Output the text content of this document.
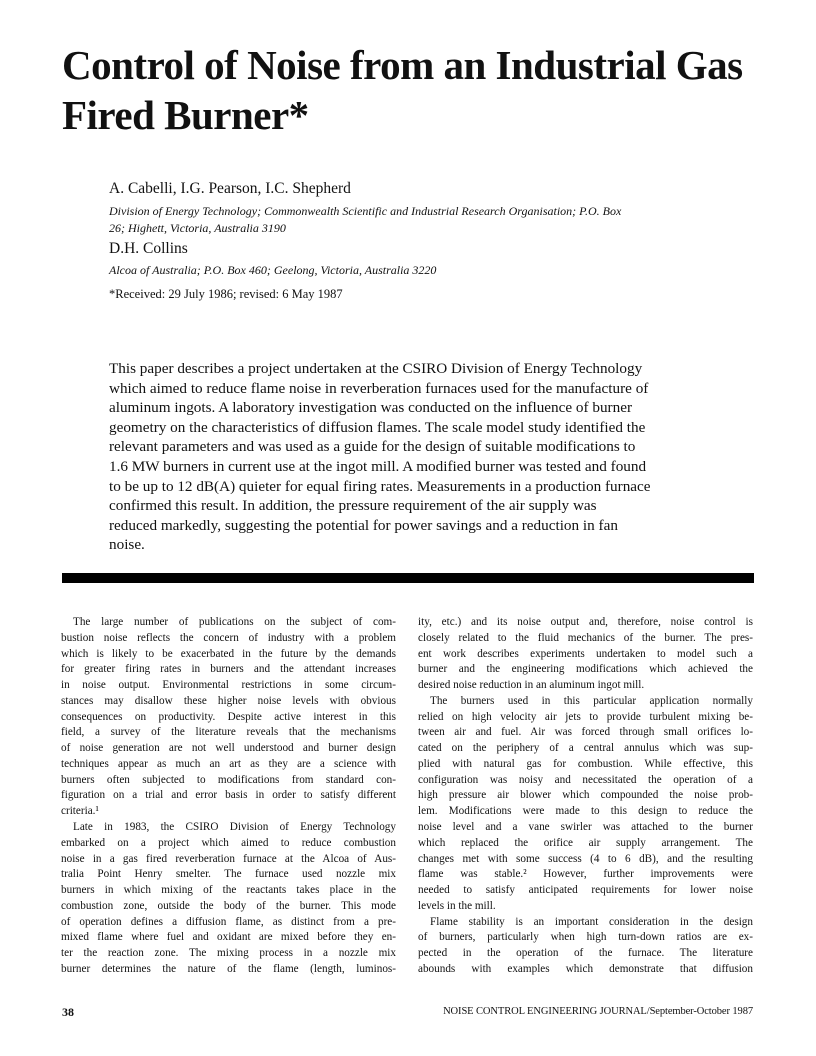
Control of Noise from an Industrial Gas
Fired Burner*

A. Cabelli, I.G. Pearson, I.C. Shepherd

Division of Energy Technology; Commonwealth Scientific and Industrial Research Organisation; P.O. Box
26; Highett, Victoria, Australia 3190

D.H. Collins

Alcoa of Australia; P.O. Box 460; Geelong, Victoria, Australia 3220

*Received: 29 July 1986; revised: 6 May 1987

This paper describes a project undertaken at the CSIRO Division of Energy Technology
which aimed to reduce flame noise in reverberation furnaces used for the manufacture of
aluminum ingots. A laboratory investigation was conducted on the influence of burner
geometry on the characteristics of diffusion flames. The scale model study identified the
relevant parameters and was used as a guide for the design of suitable modifications to
1.6 MW burners in current use at the ingot mill. A modified burner was tested and found
to be up to 12 dB(A) quieter for equal firing rates. Measurements in a production furnace
confirmed this result. In addition, the pressure requirement of the air supply was
reduced markedly, suggesting the potential for power savings and a reduction in fan
noise.
The large number of publications on the subject of com-
bustion noise reflects the concern of industry with a problem
which is likely to be exacerbated in the future by the demands
for greater firing rates in burners and the attendant increases
in noise output. Environmental restrictions in some circum-
stances may disallow these higher noise levels with obvious
consequences on productivity. Despite active interest in this
field, a survey of the literature reveals that the mechanisms
of noise generation are not well understood and burner design
techniques appear as much an art as they are a science with
burners often subjected to modifications from standard con-
figuration on a trial and error basis in order to satisfy different
criteria.¹
Late in 1983, the CSIRO Division of Energy Technology
embarked on a project which aimed to reduce combustion
noise in a gas fired reverberation furnace at the Alcoa of Aus-
tralia Point Henry smelter. The furnace used nozzle mix
burners in which mixing of the reactants takes place in the
combustion zone, outside the body of the burner. This mode
of operation defines a diffusion flame, as distinct from a pre-
mixed flame where fuel and oxidant are mixed before they en-
ter the reaction zone. The mixing process in a nozzle mix
burner determines the nature of the flame (length, luminos-
ity, etc.) and its noise output and, therefore, noise control is
closely related to the fluid mechanics of the burner. The pres-
ent work describes experiments undertaken to model such a
burner and the engineering modifications which achieved the
desired noise reduction in an aluminum ingot mill.
The burners used in this particular application normally
relied on high velocity air jets to provide turbulent mixing be-
tween air and fuel. Air was forced through small orifices lo-
cated on the periphery of a central annulus which was sup-
plied with natural gas for combustion. While effective, this
configuration was noisy and necessitated the operation of a
high pressure air blower which compounded the noise prob-
lem. Modifications were made to this design to reduce the
noise level and a vane swirler was attached to the burner
which replaced the orifice air supply arrangement. The
changes met with some success (4 to 6 dB), and the resulting
flame was stable.² However, further improvements were
needed to satisfy anticipated requirements for lower noise
levels in the mill.
Flame stability is an important consideration in the design
of burners, particularly when high turn-down ratios are ex-
pected in the operation of the furnace. The literature
abounds with examples which demonstrate that diffusion

38	NOISE CONTROL ENGINEERING JOURNAL/September-October 1987
